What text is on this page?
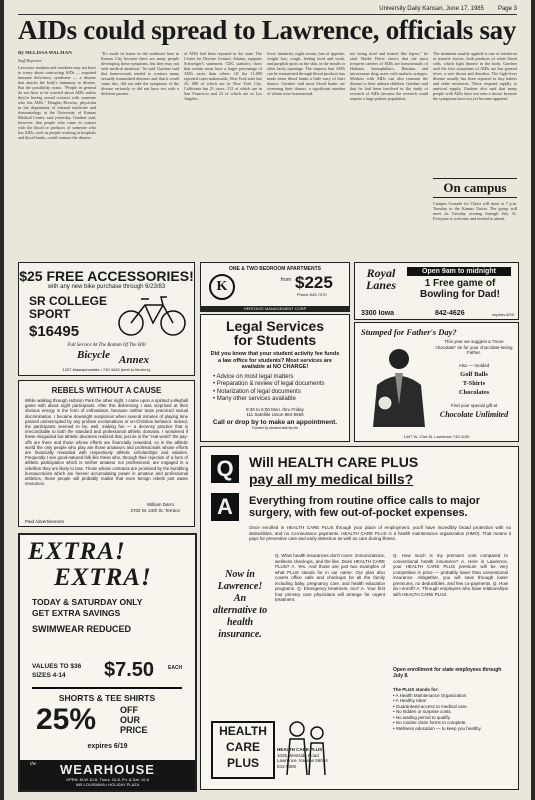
University Daily Kansan, June 17, 1985 Page 3
AIDs could spread to Lawrence, officials say

By MELISSA WALMAN

Staff Reporter

Lawrence students and residents may not have to worry about contracting AIDs — acquired immune deficiency syndrome — a disease that attacks the body's immunity to disease. But the possibility exists. "People in general do not have to be worried about AIDs unless they're having sexual contacts with someone who has AIDs," Douglas Horwitz, physician in the department of internal medicine and rheumatology at the University of Kansas Medical Center, said yesterday. Gardner said, however, that people who come in contact with the blood or products of someone who has AIDs, such as people working at hospitals and blood banks, could contract the disease.

"It's made its home in the northeast here in Kansas City because there are many people developing these symptoms, but they may not seek medical attention," he said. Gardner said that homosexuals tended to contract many sexually transmitted diseases and that it could cause this, did not take the symptoms of the disease seriously or did not have sex with a different partner.

of AIDs had been reported in the state. The Center for Disease Control, Atlanta, supports Schweiger's statement. CDC statistics show that certain areas have a larger percentage of AIDs cases than others. Of the 11,000 reported cases nationwide, New York state has 25, 000 of which are in New York City. California has 21 cases, 512 of which are in San Francisco and 22 of which are in Los Angeles.

fever, headache, night sweats, loss of appetite, weight loss, cough, feeling tired and weak, and purplish spots on the skin, in the mouth or other body openings. The impacts that AIDs can be transmitted through blood products has made some blood banks a little wary of their donors. Gardner said most blood banks are screening their donors, a significant number of whom were homosexual.

not being tired and treated like lepers," he said. Birdie Davis shows that the most frequent carriers of AIDs are homosexuals of Haitians, hemophiliacs, Haitians and intravenous drug users with malaria syringes. Mothers with AIDs can also transmit the disease to their unborn children. Gardner said that he had been involved in the study of research of AIDs because the research could require a large patient population.

The treatment usually applied is one of interferon or transfer factors, both products of white blood cells, which fight disease in the body. Gardner said the first symptoms of AIDs are but general fever, a sore throat and diarrhea. The high-fever disease usually has been reported in tiny babies and other newborns. These respond rapidly to antiviral supply. Gardner also said that many people with AIDs have not seen a doctor because the symptoms have not yet become apparent.

On campus
Campus Crusade for Christ will meet at 7 p.m. Tuesday in the Kansas Union. The group will meet on Tuesday evening through July 31. Everyone is welcome and invited to attend.
$25 FREE ACCESSORIES!
with any new bike purchase through 6/23/83
SR COLLEGE SPORT
$16495
Full Service At The Bottom Of The Hill
Bicycle Annex
1207 Massachusetts • 749 3426 (next to Morris's)
ONE & TWO BEDROOM APARTMENTS
K	from $225
Phone 843-7370
HERITAGE MANAGEMENT CORP
Legal Services
for Students
Did you know that your student activity fee funds a law office for students? Most services are available at NO CHARGE!
• Advice on most legal matters
• Preparation & review of legal documents
• Notarization of legal documents
• Many other services available
8:30 to 5:00 Mon. thru Friday
111 Satellite Union 864-5665
Call or drop by to make an appointment.
Funded by student activity fee
Royal
Lanes
Open 9am to midnight
1 Free game of Bowling for Dad!
3300 Iowa	842-4626	expires 6/20
Stumped for Father's Day?
This year we suggest a "more chocolate" tie for your chocolate-loving Father.
Also — molded
Golf Balls
T-Shirts
Chocolates
Find your special gift at
Chocolate Unlimited
1407 W. 23rd St. Lawrence 749-1150
REBELS WITHOUT A CAUSE
While walking through Hobson Park the other night, I came upon a spirited volleyball game with about eight participants. After this distressing I was surprised at their obvious energy in the form of enthusiasm, because neither team practiced sexual discrimination. I became downright suspicious when several minutes of playing time passed uninterrupted by any profane exclamations or un-Christian behavior. Indeed, the participants seemed to be, well, making fun — a decency practice that is irreconcilable to both the standard and professional athletic domains. I wondered if these misguided but athletic devotees realized that, just as in the "real world" the pay-offs are there and those whose efforts are financially rewarded, so in the athletic world the only people who play are those amateurs and professionals whose efforts are financially rewarded with respectively athletic scholarships and salaries. Frequently I see good-natured folk like these who, through their rejection of a form of athletic participation which is neither amateur nor professional, are engaged in a rebellion they are likely to lose. Those whose contracts are promised by the bumbling bureaucracies which are forever accumulating power in amateur and professional athletics, those people will probably realize that even benign rebels just waste resources.
William Darro
2702 W. 24th St. Terrace
Paid Advertisement
EXTRA!
EXTRA!
TODAY & SATURDAY ONLY
GET EXTRA SAVINGS
SWIMWEAR REDUCED
VALUES TO $36
SIZES 4-14 $7.50	EACH
SHORTS & TEE SHIRTS
25%	OFF
OUR
PRICE
expires 6/19
the	WEARHOUSE
OPEN: M-W 10-6, Thurs. 10-8, Fri. & Sat. 10-6
945 LOUISIANA • HOLIDAY PLAZA
Q	Will HEALTH CARE PLUS
pay all my medical bills?
A	Everything from routine office calls to major surgery, with few out-of-pocket expenses.
Once enrolled in HEALTH CARE PLUS through your place of employment, you'll have incredibly broad protection with no deductibles, and no co-insurance payments. HEALTH CARE PLUS is a health maintenance organization (HMO). That means it pays for preventive care and early detection as well as care during illness.
Now in Lawrence!
An alternative to health insurance.
Q. What health insurances don't cover: immunizations, wellness checkups, and the like. Does HEALTH CARE PLUS? A. Yes. And those are just two examples of what PLUS stands for in our name. Our plan also covers office calls and checkups for all the family including baby, pregnancy care, and health education programs. Q. Emergency treatment, too? A. Your first four primary care physicians will arrange for urgent treatment.
Q. How much is my premium cost compared to conventional health insurance? A. Here in Lawrence, your HEALTH CARE PLUS premium will be very competitive in price — probably lower than conventional insurance. Altogether, you will save through lower premiums, no deductibles, and few co-payments. Q. How do I enroll? A. Through employers who have relationships with HEALTH CARE PLUS.
Open enrollment for state employees through July 8.
The PLUS stands for:
• A Health Maintenance Organization
• A Healthy Idea!
• Guaranteed access to medical care.
• No hidden or surprise costs.
• No waiting period to qualify.
• No routine claim forms to complete.
• Wellness education — to keep you healthy.
HEALTH
CARE
PLUS
HEALTH CARE PLUS
1035 Westside Road
Lawrence, Kansas 66044
841-5300
